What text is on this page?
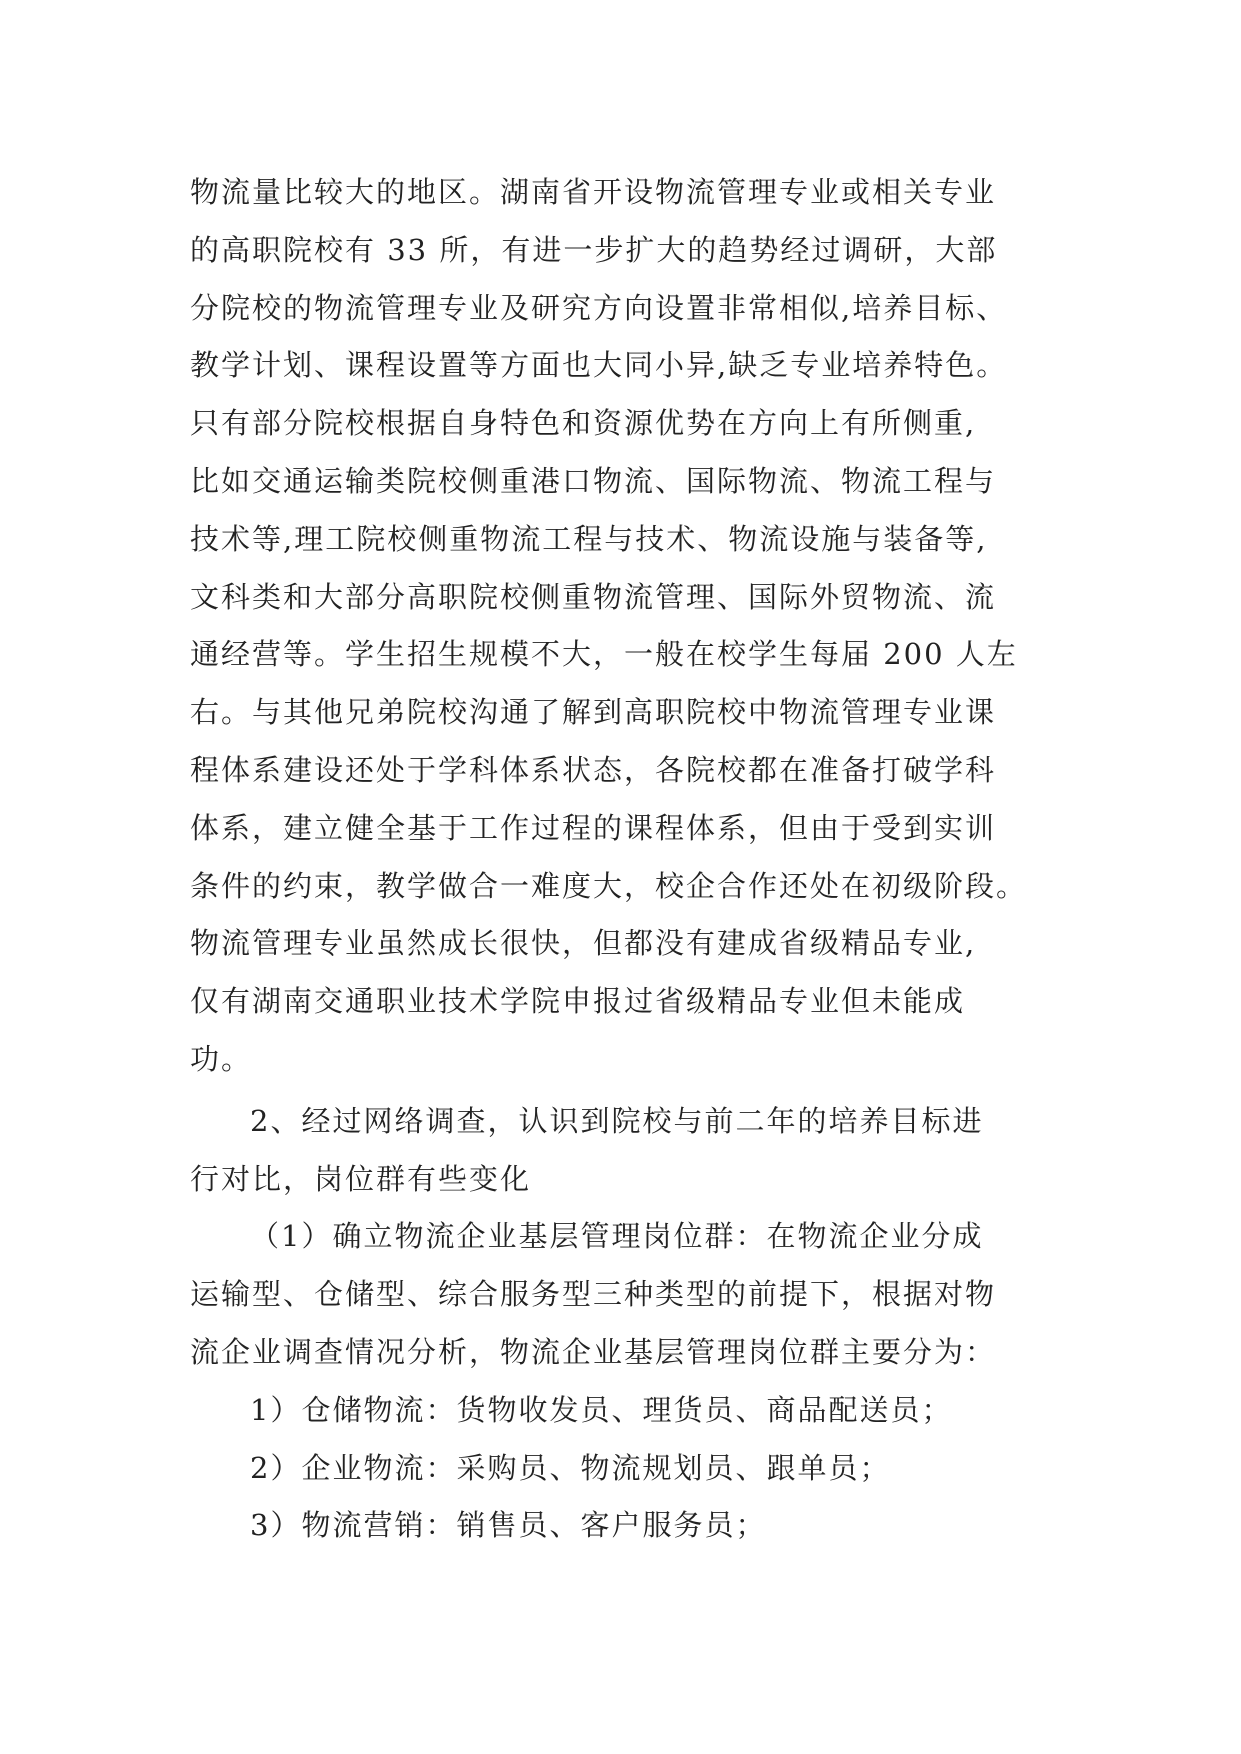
物流量比较大的地区。湖南省开设物流管理专业或相关专业
的高职院校有 33 所，有进一步扩大的趋势经过调研，大部
分院校的物流管理专业及研究方向设置非常相似,培养目标、
教学计划、课程设置等方面也大同小异,缺乏专业培养特色。
只有部分院校根据自身特色和资源优势在方向上有所侧重,
比如交通运输类院校侧重港口物流、国际物流、物流工程与
技术等,理工院校侧重物流工程与技术、物流设施与装备等,
文科类和大部分高职院校侧重物流管理、国际外贸物流、流
通经营等。学生招生规模不大，一般在校学生每届 200 人左
右。与其他兄弟院校沟通了解到高职院校中物流管理专业课
程体系建设还处于学科体系状态，各院校都在准备打破学科
体系，建立健全基于工作过程的课程体系，但由于受到实训
条件的约束，教学做合一难度大，校企合作还处在初级阶段。
物流管理专业虽然成长很快，但都没有建成省级精品专业,
仅有湖南交通职业技术学院申报过省级精品专业但未能成
功。
2、经过网络调查，认识到院校与前二年的培养目标进
行对比，岗位群有些变化
（1）确立物流企业基层管理岗位群：在物流企业分成
运输型、仓储型、综合服务型三种类型的前提下，根据对物
流企业调查情况分析，物流企业基层管理岗位群主要分为：
1）仓储物流：货物收发员、理货员、商品配送员；
2）企业物流：采购员、物流规划员、跟单员；
3）物流营销：销售员、客户服务员；
